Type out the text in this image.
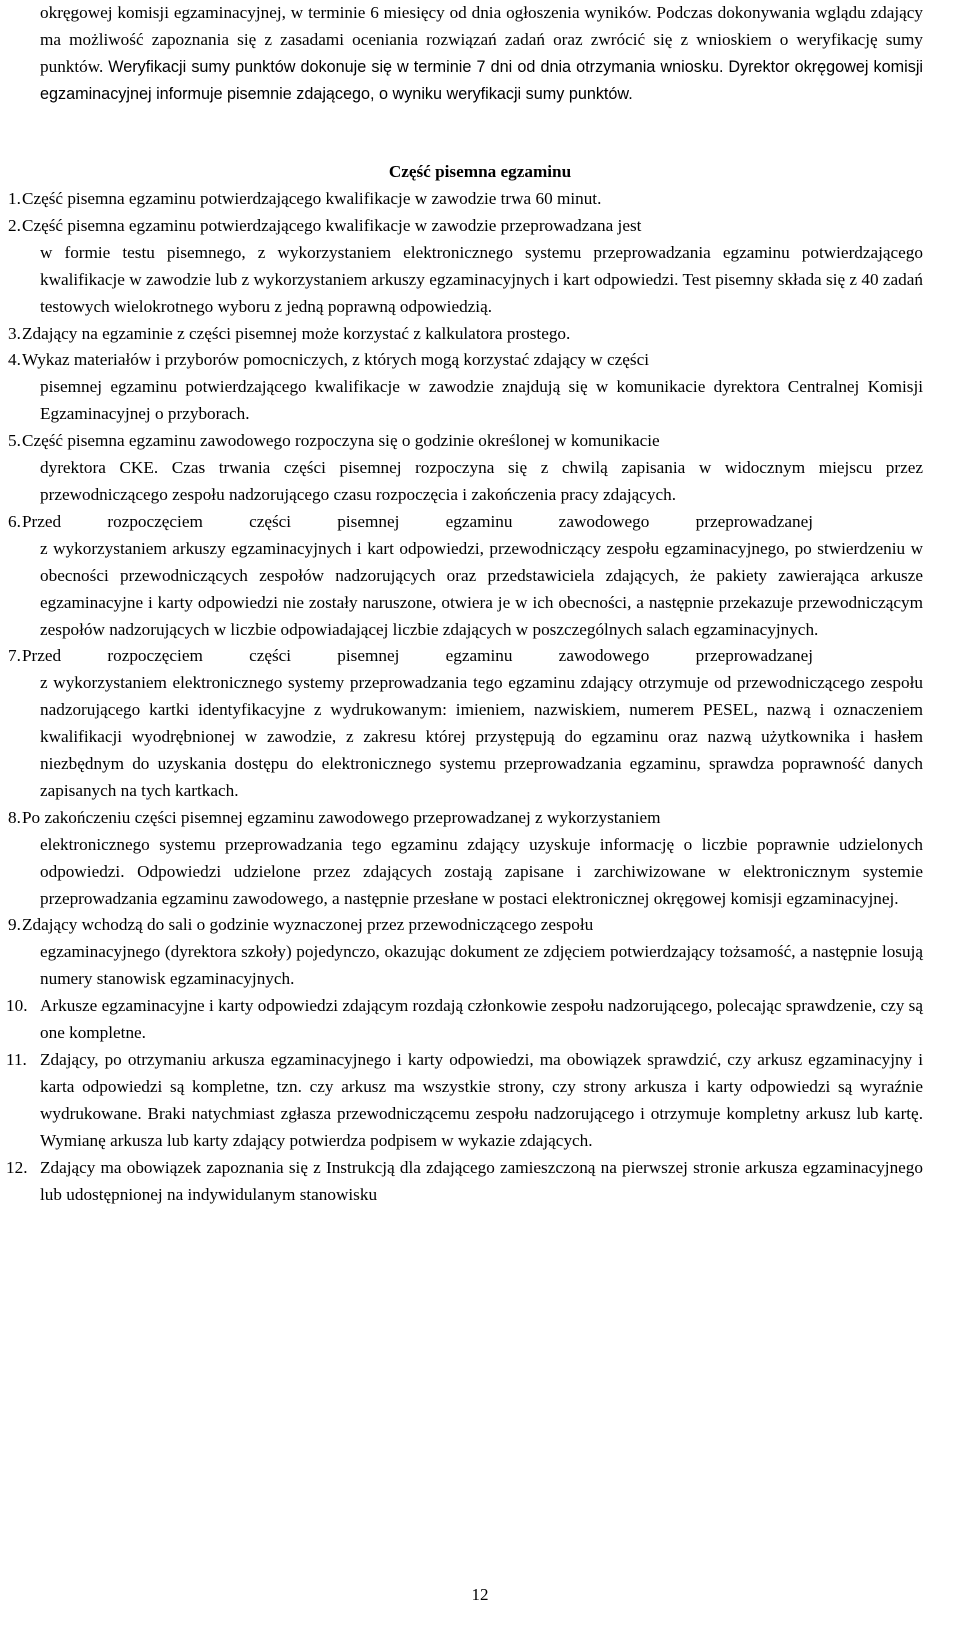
okręgowej komisji egzaminacyjnej, w terminie 6 miesięcy od dnia ogłoszenia wyników. Podczas dokonywania wglądu zdający ma możliwość zapoznania się z zasadami oceniania rozwiązań zadań oraz zwrócić się z wnioskiem o weryfikację sumy punktów. Weryfikacji sumy punktów dokonuje się w terminie 7 dni od dnia otrzymania wniosku. Dyrektor okręgowej komisji egzaminacyjnej informuje pisemnie zdającego, o wyniku weryfikacji sumy punktów.
Część pisemna egzaminu
1. Część pisemna egzaminu potwierdzającego kwalifikacje w zawodzie trwa 60 minut.
2. Część pisemna egzaminu potwierdzającego kwalifikacje w zawodzie przeprowadzana jest
w formie testu pisemnego, z wykorzystaniem elektronicznego systemu przeprowadzania egzaminu potwierdzającego kwalifikacje w zawodzie lub z wykorzystaniem arkuszy egzaminacyjnych i kart odpowiedzi. Test pisemny składa się z 40 zadań testowych wielokrotnego wyboru z jedną poprawną odpowiedzią.
3. Zdający na egzaminie z części pisemnej może korzystać z kalkulatora prostego.
4. Wykaz materiałów i przyborów pomocniczych, z których mogą korzystać zdający w części
pisemnej egzaminu potwierdzającego kwalifikacje w zawodzie znajdują się w komunikacie dyrektora Centralnej Komisji Egzaminacyjnej o przyborach.
5. Część pisemna egzaminu zawodowego rozpoczyna się o godzinie określonej w komunikacie
dyrektora CKE. Czas trwania części pisemnej rozpoczyna się z chwilą zapisania w widocznym miejscu przez przewodniczącego zespołu nadzorującego czasu rozpoczęcia i zakończenia pracy zdających.
6. Przed rozpoczęciem części pisemnej egzaminu zawodowego przeprowadzanej
z wykorzystaniem arkuszy egzaminacyjnych i kart odpowiedzi, przewodniczący zespołu egzaminacyjnego, po stwierdzeniu w obecności przewodniczących zespołów nadzorujących oraz przedstawiciela zdających, że pakiety zawierająca arkusze egzaminacyjne i karty odpowiedzi nie zostały naruszone, otwiera je w ich obecności, a następnie przekazuje przewodniczącym zespołów nadzorujących w liczbie odpowiadającej liczbie zdających w poszczególnych salach egzaminacyjnych.
7. Przed rozpoczęciem części pisemnej egzaminu zawodowego przeprowadzanej
z wykorzystaniem elektronicznego systemy przeprowadzania tego egzaminu zdający otrzymuje od przewodniczącego zespołu nadzorującego kartki identyfikacyjne z wydrukowanym: imieniem, nazwiskiem, numerem PESEL, nazwą i oznaczeniem kwalifikacji wyodrębnionej w zawodzie, z zakresu której przystępują do egzaminu oraz nazwą użytkownika i hasłem niezbędnym do uzyskania dostępu do elektronicznego systemu przeprowadzania egzaminu, sprawdza poprawność danych zapisanych na tych kartkach.
8. Po zakończeniu części pisemnej egzaminu zawodowego przeprowadzanej z wykorzystaniem
elektronicznego systemu przeprowadzania tego egzaminu zdający uzyskuje informację o liczbie poprawnie udzielonych odpowiedzi. Odpowiedzi udzielone przez zdających zostają zapisane i zarchiwizowane w elektronicznym systemie przeprowadzania egzaminu zawodowego, a następnie przesłane w postaci elektronicznej okręgowej komisji egzaminacyjnej.
9. Zdający wchodzą do sali o godzinie wyznaczonej przez przewodniczącego zespołu
egzaminacyjnego (dyrektora szkoły) pojedynczo, okazując dokument ze zdjęciem potwierdzający tożsamość, a następnie losują numery stanowisk egzaminacyjnych.
10. Arkusze egzaminacyjne i karty odpowiedzi zdającym rozdają członkowie zespołu nadzorującego, polecając sprawdzenie, czy są one kompletne.
11. Zdający, po otrzymaniu arkusza egzaminacyjnego i karty odpowiedzi, ma obowiązek sprawdzić, czy arkusz egzaminacyjny i karta odpowiedzi są kompletne, tzn. czy arkusz ma wszystkie strony, czy strony arkusza i karty odpowiedzi są wyraźnie wydrukowane. Braki natychmiast zgłasza przewodniczącemu zespołu nadzorującego i otrzymuje kompletny arkusz lub kartę. Wymianę arkusza lub karty zdający potwierdza podpisem w wykazie zdających.
12. Zdający ma obowiązek zapoznania się z Instrukcją dla zdającego zamieszczoną na pierwszej stronie arkusza egzaminacyjnego lub udostępnionej na indywidulanym stanowisku
12
